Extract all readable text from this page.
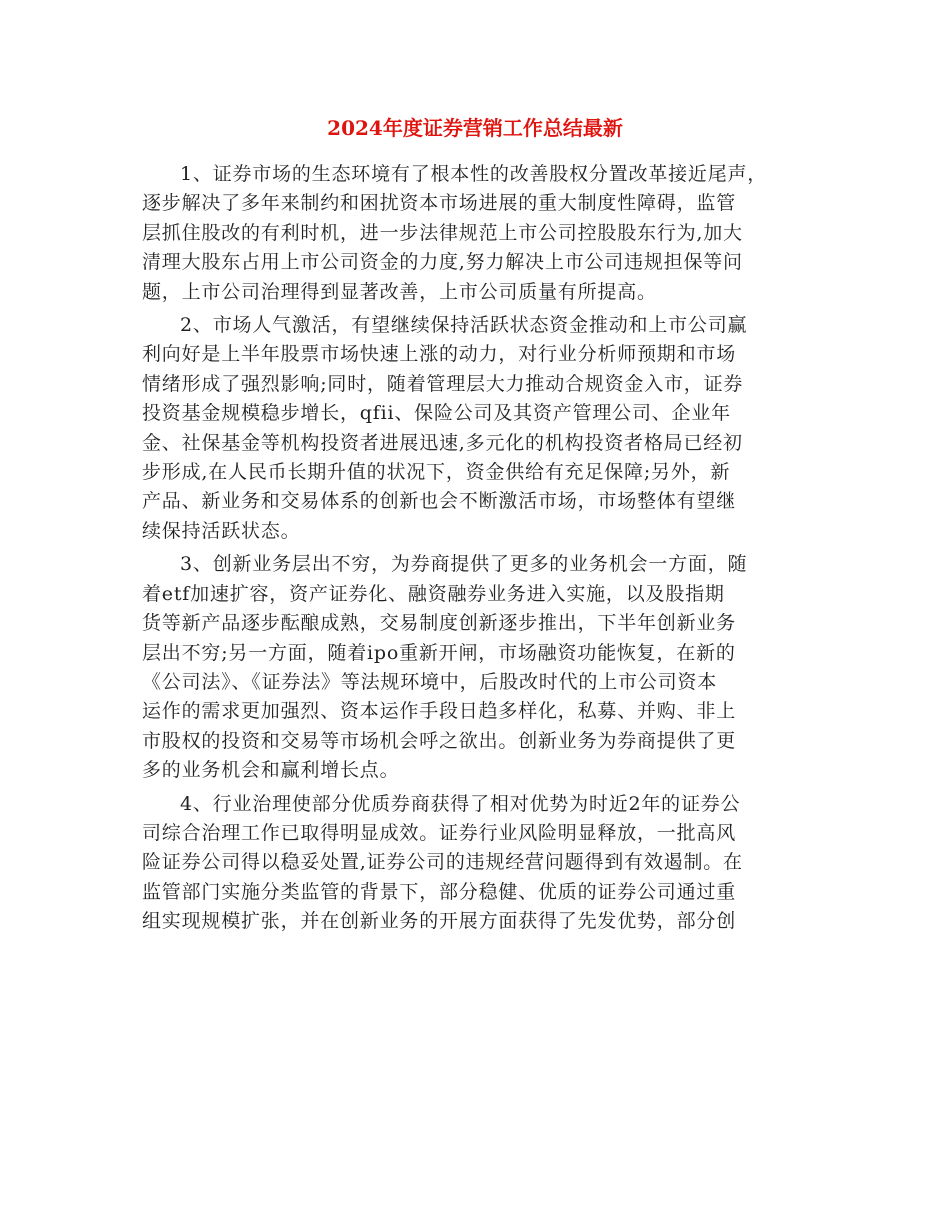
2024年度证券营销工作总结最新

1、证券市场的生态环境有了根本性的改善股权分置改革接近尾声，
逐步解决了多年来制约和困扰资本市场进展的重大制度性障碍，监管
层抓住股改的有利时机，进一步法律规范上市公司控股股东行为,加大
清理大股东占用上市公司资金的力度,努力解决上市公司违规担保等问
题，上市公司治理得到显著改善，上市公司质量有所提高。

2、市场人气激活，有望继续保持活跃状态资金推动和上市公司赢
利向好是上半年股票市场快速上涨的动力，对行业分析师预期和市场
情绪形成了强烈影响;同时，随着管理层大力推动合规资金入市，证券
投资基金规模稳步增长，qfii、保险公司及其资产管理公司、企业年
金、社保基金等机构投资者进展迅速,多元化的机构投资者格局已经初
步形成,在人民币长期升值的状况下，资金供给有充足保障;另外，新
产品、新业务和交易体系的创新也会不断激活市场，市场整体有望继
续保持活跃状态。

3、创新业务层出不穷，为券商提供了更多的业务机会一方面，随
着etf加速扩容，资产证券化、融资融券业务进入实施，以及股指期
货等新产品逐步酝酿成熟，交易制度创新逐步推出，下半年创新业务
层出不穷;另一方面，随着ipo重新开闸，市场融资功能恢复，在新的
《公司法》、《证券法》等法规环境中，后股改时代的上市公司资本
运作的需求更加强烈、资本运作手段日趋多样化，私募、并购、非上
市股权的投资和交易等市场机会呼之欲出。创新业务为券商提供了更
多的业务机会和赢利增长点。

4、行业治理使部分优质券商获得了相对优势为时近2年的证券公
司综合治理工作已取得明显成效。证券行业风险明显释放，一批高风
险证券公司得以稳妥处置,证券公司的违规经营问题得到有效遏制。在
监管部门实施分类监管的背景下，部分稳健、优质的证券公司通过重
组实现规模扩张，并在创新业务的开展方面获得了先发优势，部分创
